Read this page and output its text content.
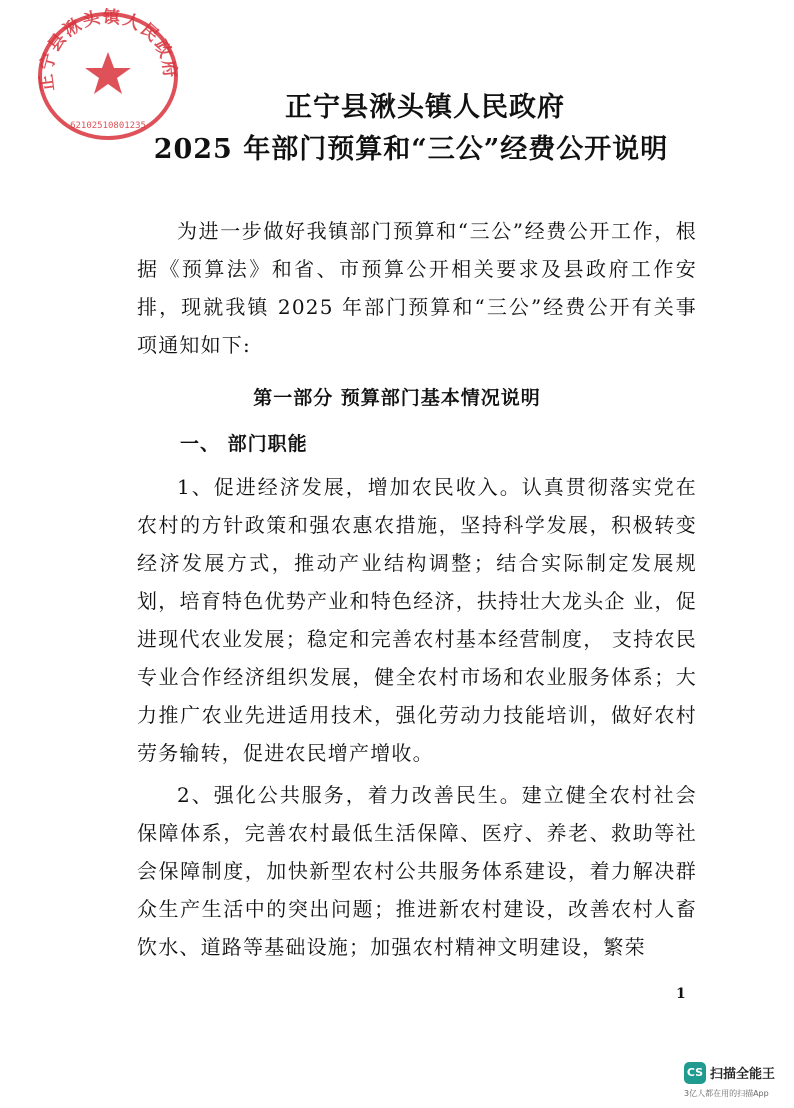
正宁县湫头镇人民政府
62102510801235
正宁县湫头镇人民政府
2025 年部门预算和“三公”经费公开说明

为进一步做好我镇部门预算和“三公”经费公开工作，根据《预算法》和省、市预算公开相关要求及县政府工作安排，现就我镇 2025 年部门预算和“三公”经费公开有关事项通知如下:

第一部分 预算部门基本情况说明
一、 部门职能

1、促进经济发展，增加农民收入。认真贯彻落实党在 农村的方针政策和强农惠农措施，坚持科学发展，积极转变经济发展方式，推动产业结构调整；结合实际制定发展规划，培育特色优势产业和特色经济，扶持壮大龙头企 业，促进现代农业发展；稳定和完善农村基本经营制度， 支持农民专业合作经济组织发展，健全农村市场和农业服务体系；大力推广农业先进适用技术，强化劳动力技能培训，做好农村劳务输转，促进农民增产增收。

2、强化公共服务，着力改善民生。建立健全农村社会保障体系，完善农村最低生活保障、医疗、养老、救助等社会保障制度，加快新型农村公共服务体系建设，着力解决群众生产生活中的突出问题；推进新农村建设，改善农村人畜饮水、道路等基础设施；加强农村精神文明建设，繁荣

1
CS 扫描全能王
3亿人都在用的扫描App
